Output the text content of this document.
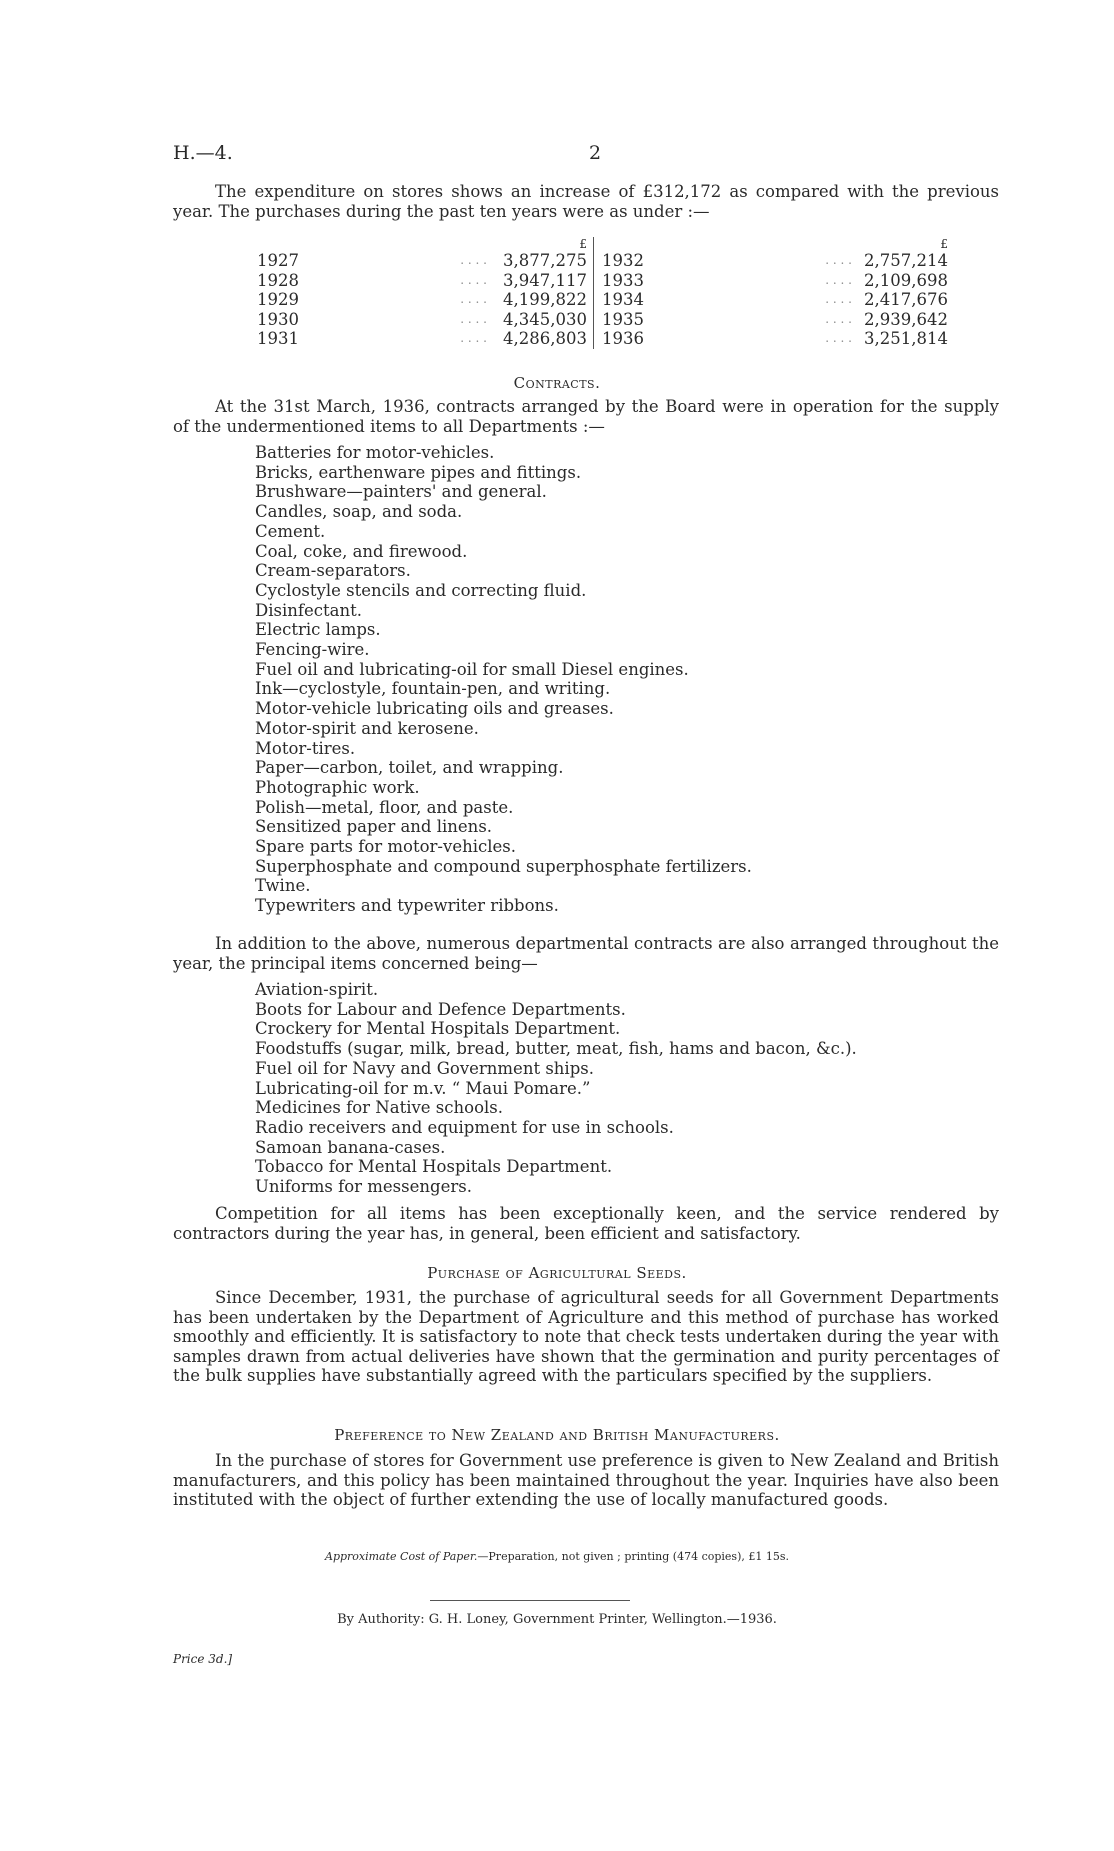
H.—4.	2

The expenditure on stores shows an increase of £312,172 as compared with the previous year. The purchases during the past ten years were as under :—

		£			£
1927	. . . .	3,877,275	1932	. . . .	2,757,214
1928	. . . .	3,947,117	1933	. . . .	2,109,698
1929	. . . .	4,199,822	1934	. . . .	2,417,676
1930	. . . .	4,345,030	1935	. . . .	2,939,642
1931	. . . .	4,286,803	1936	. . . .	3,251,814
Contracts.

At the 31st March, 1936, contracts arranged by the Board were in operation for the supply of the undermentioned items to all Departments :—

Batteries for motor-vehicles.
Bricks, earthenware pipes and fittings.
Brushware—painters' and general.
Candles, soap, and soda.
Cement.
Coal, coke, and firewood.
Cream-separators.
Cyclostyle stencils and correcting fluid.
Disinfectant.
Electric lamps.
Fencing-wire.
Fuel oil and lubricating-oil for small Diesel engines.
Ink—cyclostyle, fountain-pen, and writing.
Motor-vehicle lubricating oils and greases.
Motor-spirit and kerosene.
Motor-tires.
Paper—carbon, toilet, and wrapping.
Photographic work.
Polish—metal, floor, and paste.
Sensitized paper and linens.
Spare parts for motor-vehicles.
Superphosphate and compound superphosphate fertilizers.
Twine.
Typewriters and typewriter ribbons.

In addition to the above, numerous departmental contracts are also arranged throughout the year, the principal items concerned being—

Aviation-spirit.
Boots for Labour and Defence Departments.
Crockery for Mental Hospitals Department.
Foodstuffs (sugar, milk, bread, butter, meat, fish, hams and bacon, &c.).
Fuel oil for Navy and Government ships.
Lubricating-oil for m.v. “ Maui Pomare.”
Medicines for Native schools.
Radio receivers and equipment for use in schools.
Samoan banana-cases.
Tobacco for Mental Hospitals Department.
Uniforms for messengers.

Competition for all items has been exceptionally keen, and the service rendered by contractors during the year has, in general, been efficient and satisfactory.

Purchase of Agricultural Seeds.

Since December, 1931, the purchase of agricultural seeds for all Government Departments has been undertaken by the Department of Agriculture and this method of purchase has worked smoothly and efficiently. It is satisfactory to note that check tests undertaken during the year with samples drawn from actual deliveries have shown that the germination and purity percentages of the bulk supplies have substantially agreed with the particulars specified by the suppliers.

Preference to New Zealand and British Manufacturers.

In the purchase of stores for Government use preference is given to New Zealand and British manufacturers, and this policy has been maintained throughout the year. Inquiries have also been instituted with the object of further extending the use of locally manufactured goods.

Approximate Cost of Paper.—Preparation, not given ; printing (474 copies), £1 15s.
By Authority: G. H. Loney, Government Printer, Wellington.—1936.
Price 3d.]
